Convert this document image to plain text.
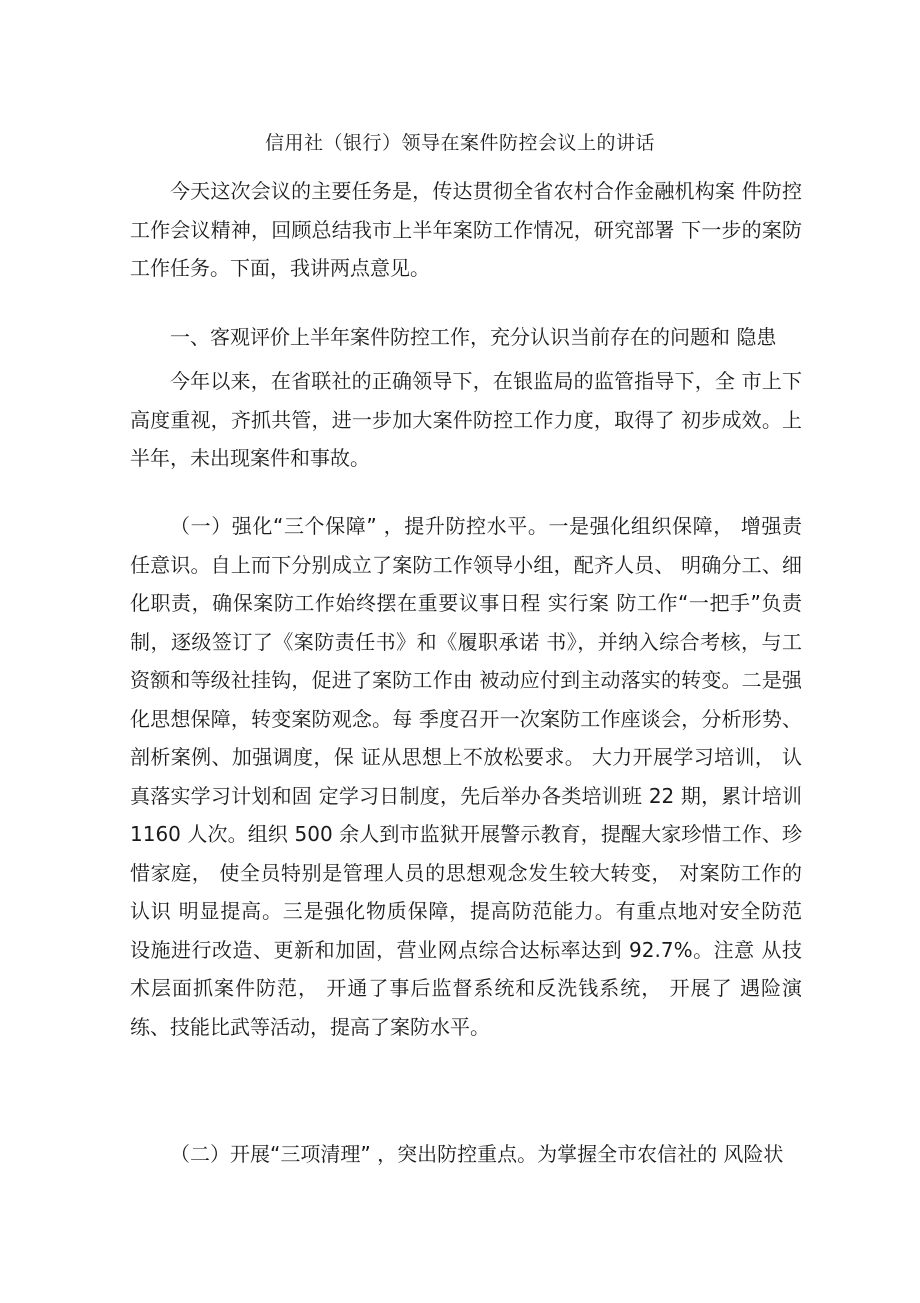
信用社（银行）领导在案件防控会议上的讲话

今天这次会议的主要任务是，传达贯彻全省农村合作金融机构案 件防控工作会议精神，回顾总结我市上半年案防工作情况，研究部署 下一步的案防工作任务。下面，我讲两点意见。

一、客观评价上半年案件防控工作，充分认识当前存在的问题和 隐患

今年以来，在省联社的正确领导下，在银监局的监管指导下，全 市上下高度重视，齐抓共管，进一步加大案件防控工作力度，取得了 初步成效。上半年，未出现案件和事故。

（一）强化“三个保障” ，提升防控水平。一是强化组织保障， 增强责任意识。自上而下分别成立了案防工作领导小组，配齐人员、 明确分工、细化职责，确保案防工作始终摆在重要议事日程 实行案 防工作“一把手”负责制，逐级签订了《案防责任书》和《履职承诺 书》，并纳入综合考核，与工资额和等级社挂钩，促进了案防工作由 被动应付到主动落实的转变。二是强化思想保障，转变案防观念。每 季度召开一次案防工作座谈会，分析形势、剖析案例、加强调度，保 证从思想上不放松要求。 大力开展学习培训， 认真落实学习计划和固 定学习日制度，先后举办各类培训班 22 期，累计培训 1160 人次。组织 500 余人到市监狱开展警示教育，提醒大家珍惜工作、珍惜家庭， 使全员特别是管理人员的思想观念发生较大转变， 对案防工作的认识 明显提高。三是强化物质保障，提高防范能力。有重点地对安全防范 设施进行改造、更新和加固，营业网点综合达标率达到 92.7%。注意 从技术层面抓案件防范， 开通了事后监督系统和反洗钱系统， 开展了 遇险演练、技能比武等活动，提高了案防水平。

（二）开展“三项清理” ，突出防控重点。为掌握全市农信社的 风险状
